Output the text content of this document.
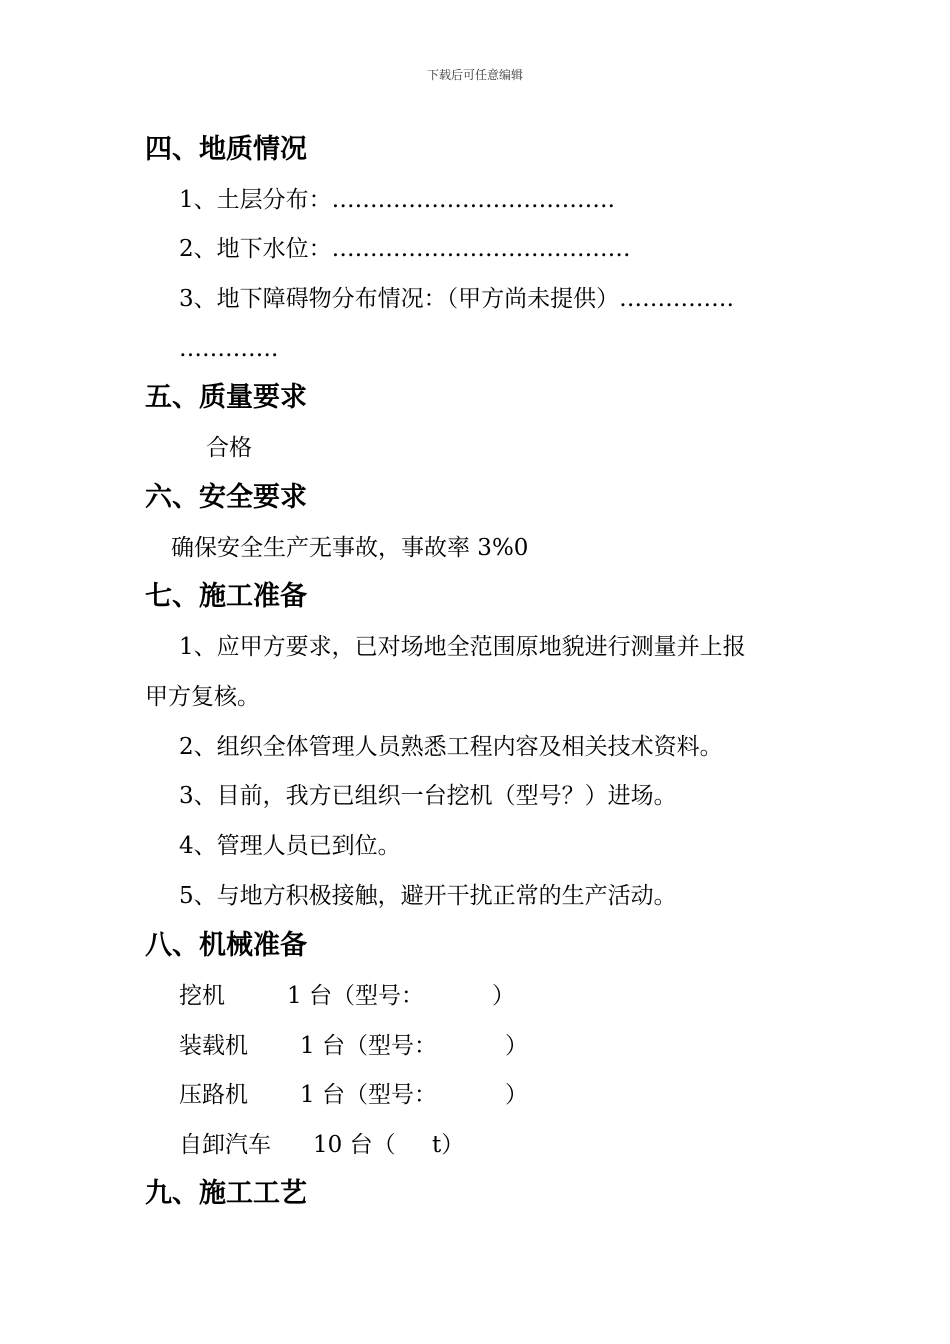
下载后可任意编辑
四、地质情况
1、土层分布：……………………………….
2、地下水位：…………………………………
3、地下障碍物分布情况：（甲方尚未提供）……………
………….
五、质量要求
合格
六、安全要求
确保安全生产无事故，事故率 3%0
七、施工准备
1、应甲方要求，已对场地全范围原地貌进行测量并上报
甲方复核。
2、组织全体管理人员熟悉工程内容及相关技术资料。
3、目前，我方已组织一台挖机（型号？）进场。
4、管理人员已到位。
5、与地方积极接触，避开干扰正常的生产活动。
八、机械准备
挖机	1 台（型号：	）
装载机 1 台（型号：	）
压路机 1 台（型号：	）
自卸汽车 10 台（ t）
九、施工工艺
